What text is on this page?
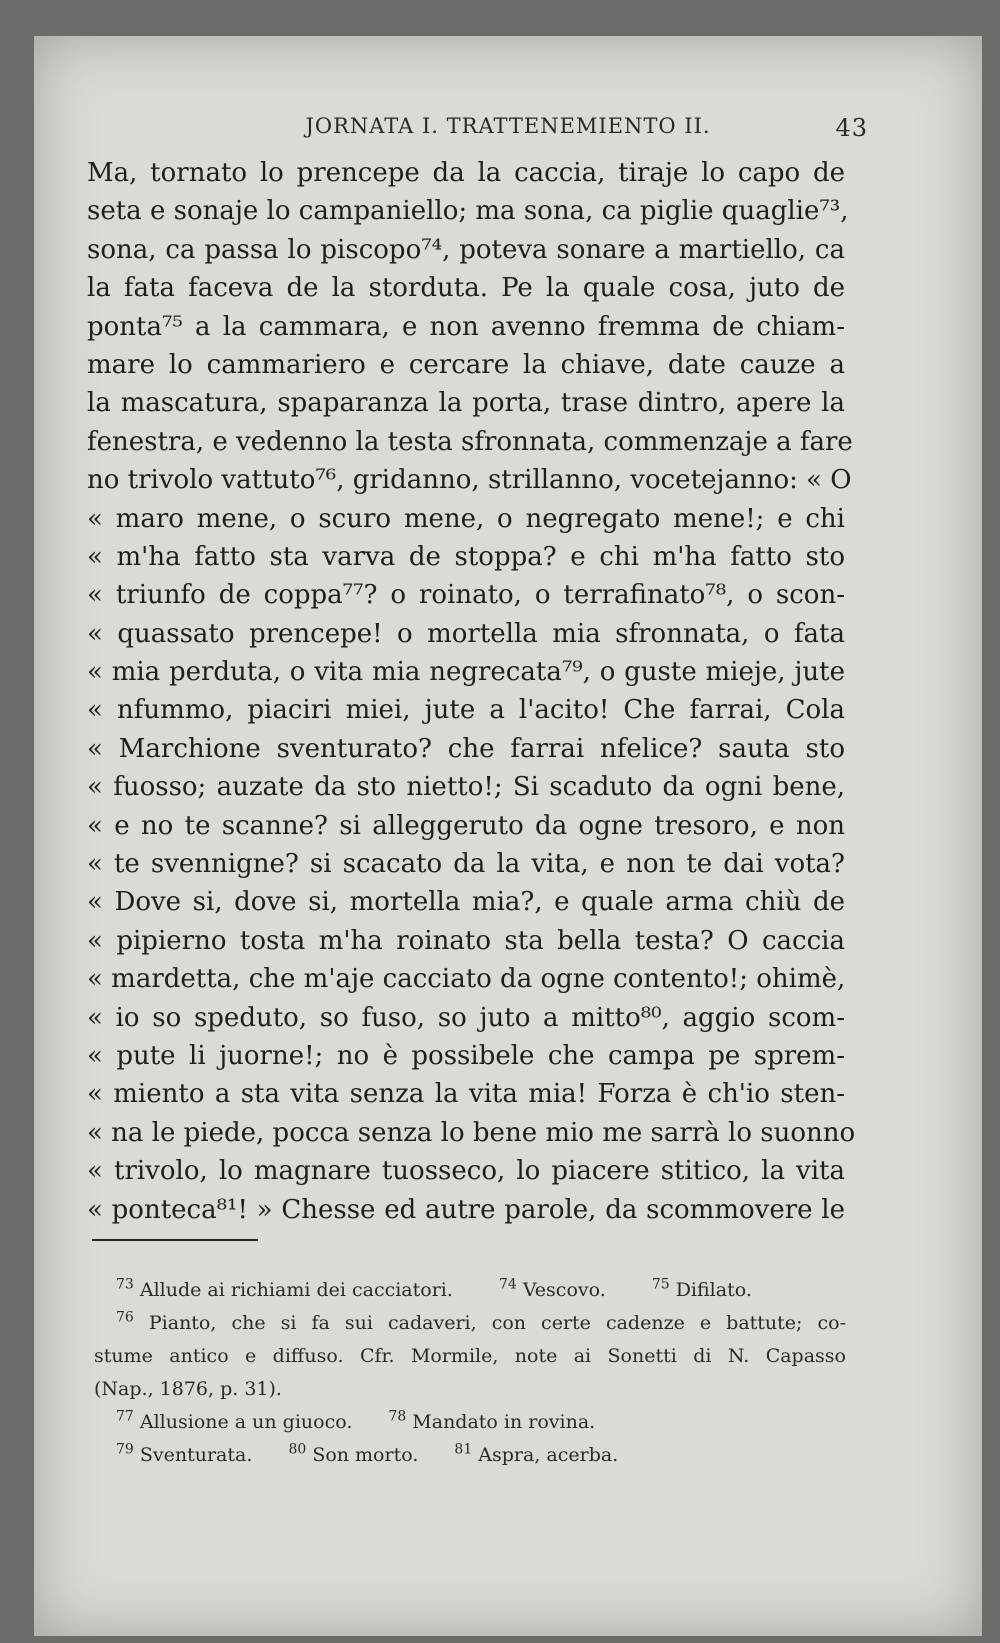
JORNATA I. TRATTENEMIENTO II.	43
Ma, tornato lo prencepe da la caccia, tiraje lo capo de
seta e sonaje lo campaniello; ma sona, ca piglie quaglie⁷³,
sona, ca passa lo piscopo⁷⁴, poteva sonare a martiello, ca
la fata faceva de la storduta. Pe la quale cosa, juto de
ponta⁷⁵ a la cammara, e non avenno fremma de chiam-
mare lo cammariero e cercare la chiave, date cauze a
la mascatura, spaparanza la porta, trase dintro, apere la
fenestra, e vedenno la testa sfronnata, commenzaje a fare
no trivolo vattuto⁷⁶, gridanno, strillanno, vocetejanno: « O
« maro mene, o scuro mene, o negregato mene!; e chi
« m'ha fatto sta varva de stoppa? e chi m'ha fatto sto
« triunfo de coppa⁷⁷? o roinato, o terrafinato⁷⁸, o scon-
« quassato prencepe! o mortella mia sfronnata, o fata
« mia perduta, o vita mia negrecata⁷⁹, o guste mieje, jute
« nfummo, piaciri miei, jute a l'acito! Che farrai, Cola
« Marchione sventurato? che farrai nfelice? sauta sto
« fuosso; auzate da sto nietto!; Si scaduto da ogni bene,
« e no te scanne? si alleggeruto da ogne tresoro, e non
« te svennigne? si scacato da la vita, e non te dai vota?
« Dove si, dove si, mortella mia?, e quale arma chiù de
« pipierno tosta m'ha roinato sta bella testa? O caccia
« mardetta, che m'aje cacciato da ogne contento!; ohimè,
« io so speduto, so fuso, so juto a mitto⁸⁰, aggio scom-
« pute li juorne!; no è possibele che campa pe sprem-
« miento a sta vita senza la vita mia! Forza è ch'io sten-
« na le piede, pocca senza lo bene mio me sarrà lo suonno
« trivolo, lo magnare tuosseco, lo piacere stitico, la vita
« ponteca⁸¹! » Chesse ed autre parole, da scommovere le
$^{73}$ Allude ai richiami dei cacciatori.	$^{74}$ Vescovo.	$^{75}$ Difilato.
$^{76}$ Pianto, che si fa sui cadaveri, con certe cadenze e battute; co-
stume antico e diffuso. Cfr. Mormile, note ai Sonetti di N. Capasso
(Nap., 1876, p. 31).
$^{77}$ Allusione a un giuoco.	$^{78}$ Mandato in rovina.
$^{79}$ Sventurata.	$^{80}$ Son morto.	$^{81}$ Aspra, acerba.
